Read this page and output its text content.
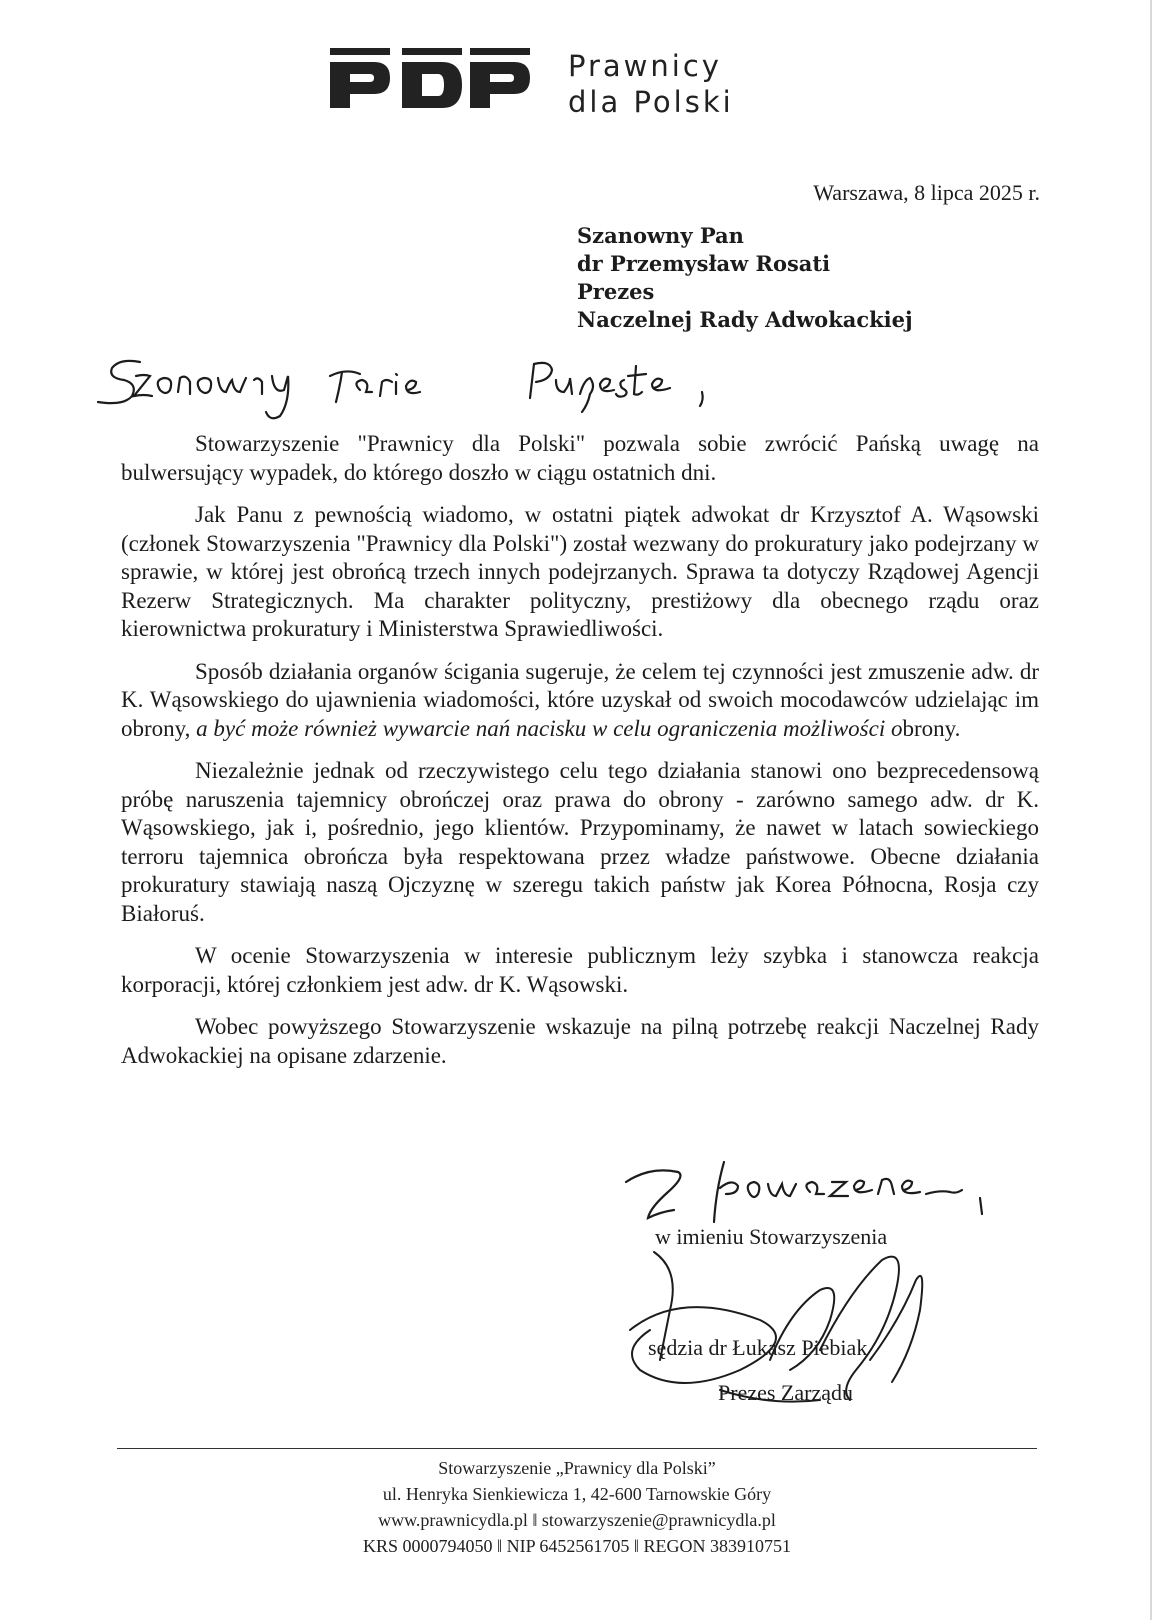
Prawnicy
dla Polski
Warszawa, 8 lipca 2025 r.
Szanowny Pan
dr Przemysław Rosati
Prezes
Naczelnej Rady Adwokackiej

Stowarzyszenie "Prawnicy dla Polski" pozwala sobie zwrócić Pańską uwagę na bulwersujący wypadek, do którego doszło w ciągu ostatnich dni.

Jak Panu z pewnością wiadomo, w ostatni piątek adwokat dr Krzysztof A. Wąsowski (członek Stowarzyszenia "Prawnicy dla Polski") został wezwany do prokuratury jako podejrzany w sprawie, w której jest obrońcą trzech innych podejrzanych. Sprawa ta dotyczy Rządowej Agencji Rezerw Strategicznych. Ma charakter polityczny, prestiżowy dla obecnego rządu oraz kierownictwa prokuratury i Ministerstwa Sprawiedliwości.

Sposób działania organów ścigania sugeruje, że celem tej czynności jest zmuszenie adw. dr K. Wąsowskiego do ujawnienia wiadomości, które uzyskał od swoich mocodawców udzielając im obrony, a być może również wywarcie nań nacisku w celu ograniczenia możliwości obrony.

Niezależnie jednak od rzeczywistego celu tego działania stanowi ono bezprecedensową próbę naruszenia tajemnicy obrończej oraz prawa do obrony - zarówno samego adw. dr K. Wąsowskiego, jak i, pośrednio, jego klientów. Przypominamy, że nawet w latach sowieckiego terroru tajemnica obrończa była respektowana przez władze państwowe. Obecne działania prokuratury stawiają naszą Ojczyznę w szeregu takich państw jak Korea Północna, Rosja czy Białoruś.

W ocenie Stowarzyszenia w interesie publicznym leży szybka i stanowcza reakcja korporacji, której członkiem jest adw. dr K. Wąsowski.

Wobec powyższego Stowarzyszenie wskazuje na pilną potrzebę reakcji Naczelnej Rady Adwokackiej na opisane zdarzenie.

w imieniu Stowarzyszenia
sędzia dr Łukasz Piebiak
Prezes Zarządu
Stowarzyszenie „Prawnicy dla Polski”
ul. Henryka Sienkiewicza 1, 42-600 Tarnowskie Góry
www.prawnicydla.pl ‖ stowarzyszenie@prawnicydla.pl
KRS 0000794050 ‖ NIP 6452561705 ‖ REGON 383910751
